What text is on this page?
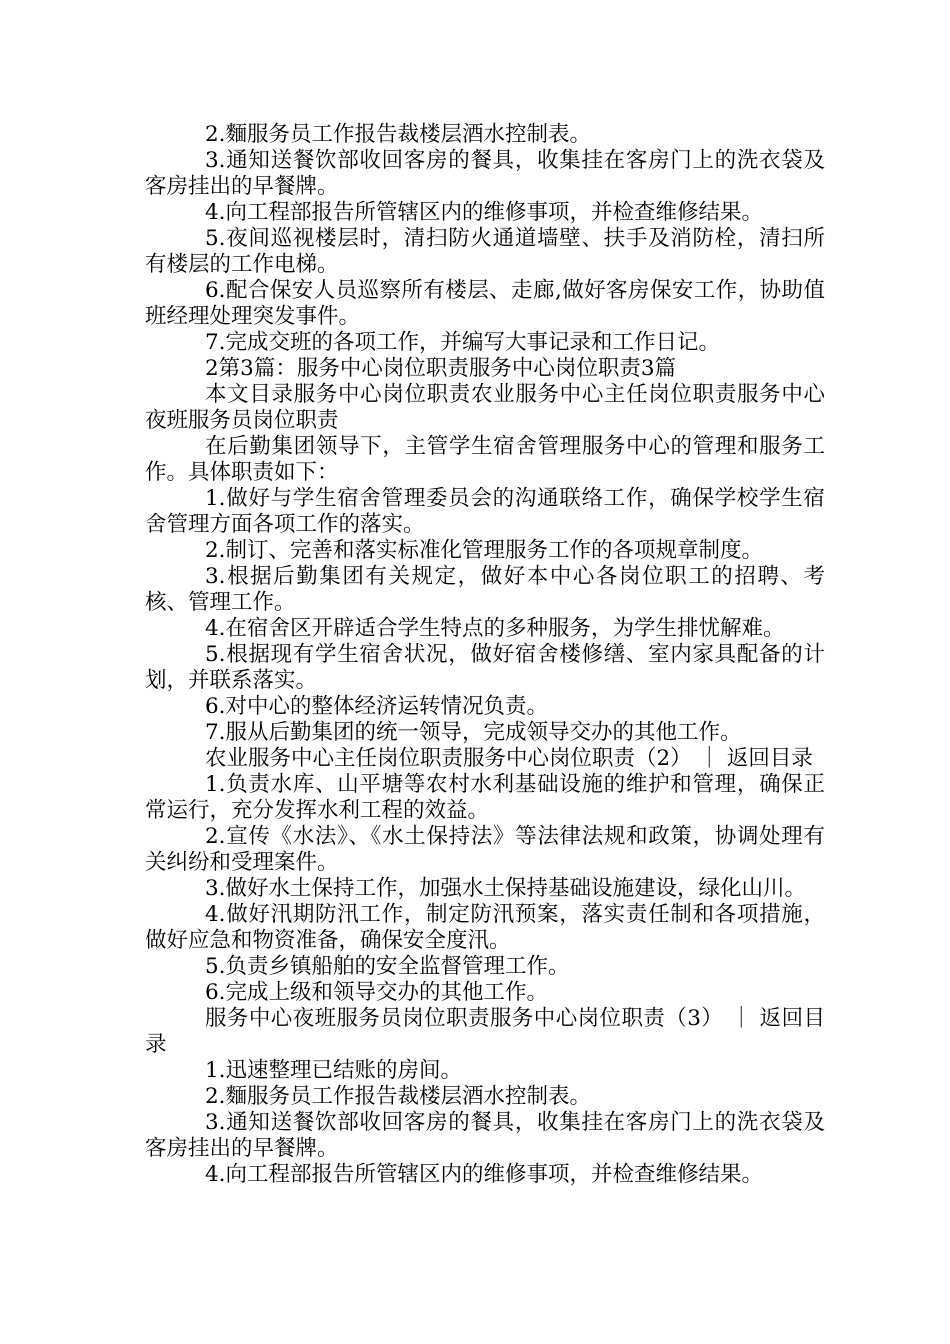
2.麵服务员工作报告裁楼层酒水控制表。

3.通知送餐饮部收回客房的餐具，收集挂在客房门上的洗衣袋及客房挂出的早餐牌。

4.向工程部报告所管辖区内的维修事项，并检查维修结果。

5.夜间巡视楼层时，清扫防火通道墙壁、扶手及消防栓，清扫所有楼层的工作电梯。

6.配合保安人员巡察所有楼层、走廊,做好客房保安工作，协助值班经理处理突发事件。

7.完成交班的各项工作，并编写大事记录和工作日记。

2第3篇：服务中心岗位职责服务中心岗位职责3篇

本文目录服务中心岗位职责农业服务中心主任岗位职责服务中心夜班服务员岗位职责

在后勤集团领导下，主管学生宿舍管理服务中心的管理和服务工作。具体职责如下：

1.做好与学生宿舍管理委员会的沟通联络工作，确保学校学生宿舍管理方面各项工作的落实。

2.制订、完善和落实标准化管理服务工作的各项规章制度。

3.根据后勤集团有关规定，做好本中心各岗位职工的招聘、考核、管理工作。

4.在宿舍区开辟适合学生特点的多种服务，为学生排忧解难。

5.根据现有学生宿舍状况，做好宿舍楼修缮、室内家具配备的计划，并联系落实。

6.对中心的整体经济运转情况负责。

7.服从后勤集团的统一领导，完成领导交办的其他工作。

农业服务中心主任岗位职责服务中心岗位职责（2） ｜ 返回目录

1.负责水库、山平塘等农村水利基础设施的维护和管理，确保正常运行，充分发挥水利工程的效益。

2.宣传《水法》、《水土保持法》等法律法规和政策，协调处理有关纠纷和受理案件。

3.做好水土保持工作，加强水土保持基础设施建设，绿化山川。

4.做好汛期防汛工作，制定防汛预案，落实责任制和各项措施，做好应急和物资准备，确保安全度汛。

5.负责乡镇船舶的安全监督管理工作。

6.完成上级和领导交办的其他工作。

服务中心夜班服务员岗位职责服务中心岗位职责（3） ｜ 返回目录

1.迅速整理已结账的房间。

2.麵服务员工作报告裁楼层酒水控制表。

3.通知送餐饮部收回客房的餐具，收集挂在客房门上的洗衣袋及客房挂出的早餐牌。

4.向工程部报告所管辖区内的维修事项，并检查维修结果。
